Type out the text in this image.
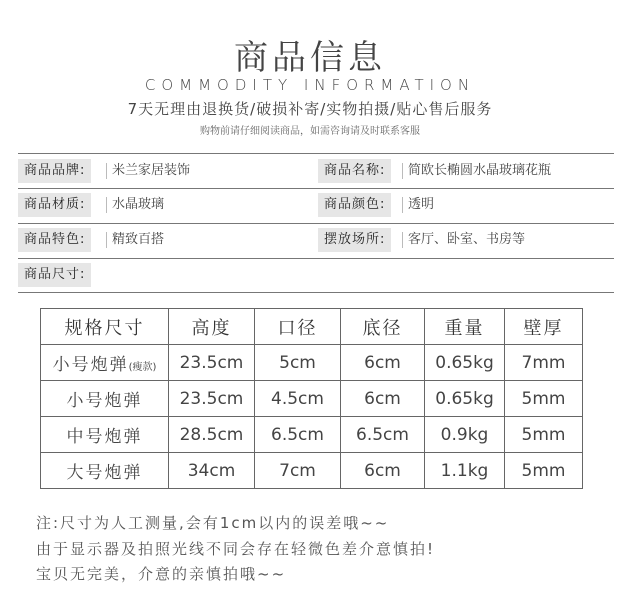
商品信息
COMMODITY INFORMATION
7天无理由退换货/破损补寄/实物拍摄/贴心售后服务
购物前请仔细阅读商品，如需咨询请及时联系客服
商品品牌:	米兰家居装饰	商品名称:	简欧长椭圆水晶玻璃花瓶
商品材质:	水晶玻璃	商品颜色:	透明
商品特色:	精致百搭	摆放场所:	客厅、卧室、书房等
商品尺寸:
规格尺寸	高度	口径	底径	重量	壁厚
小号炮弹(瘦款)	23.5cm	5cm	6cm	0.65kg	7mm
小号炮弹	23.5cm	4.5cm	6cm	0.65kg	5mm
中号炮弹	28.5cm	6.5cm	6.5cm	0.9kg	5mm
大号炮弹	34cm	7cm	6cm	1.1kg	5mm
注:尺寸为人工测量,会有1cm以内的误差哦~~
由于显示器及拍照光线不同会存在轻微色差介意慎拍!
宝贝无完美，介意的亲慎拍哦~~
